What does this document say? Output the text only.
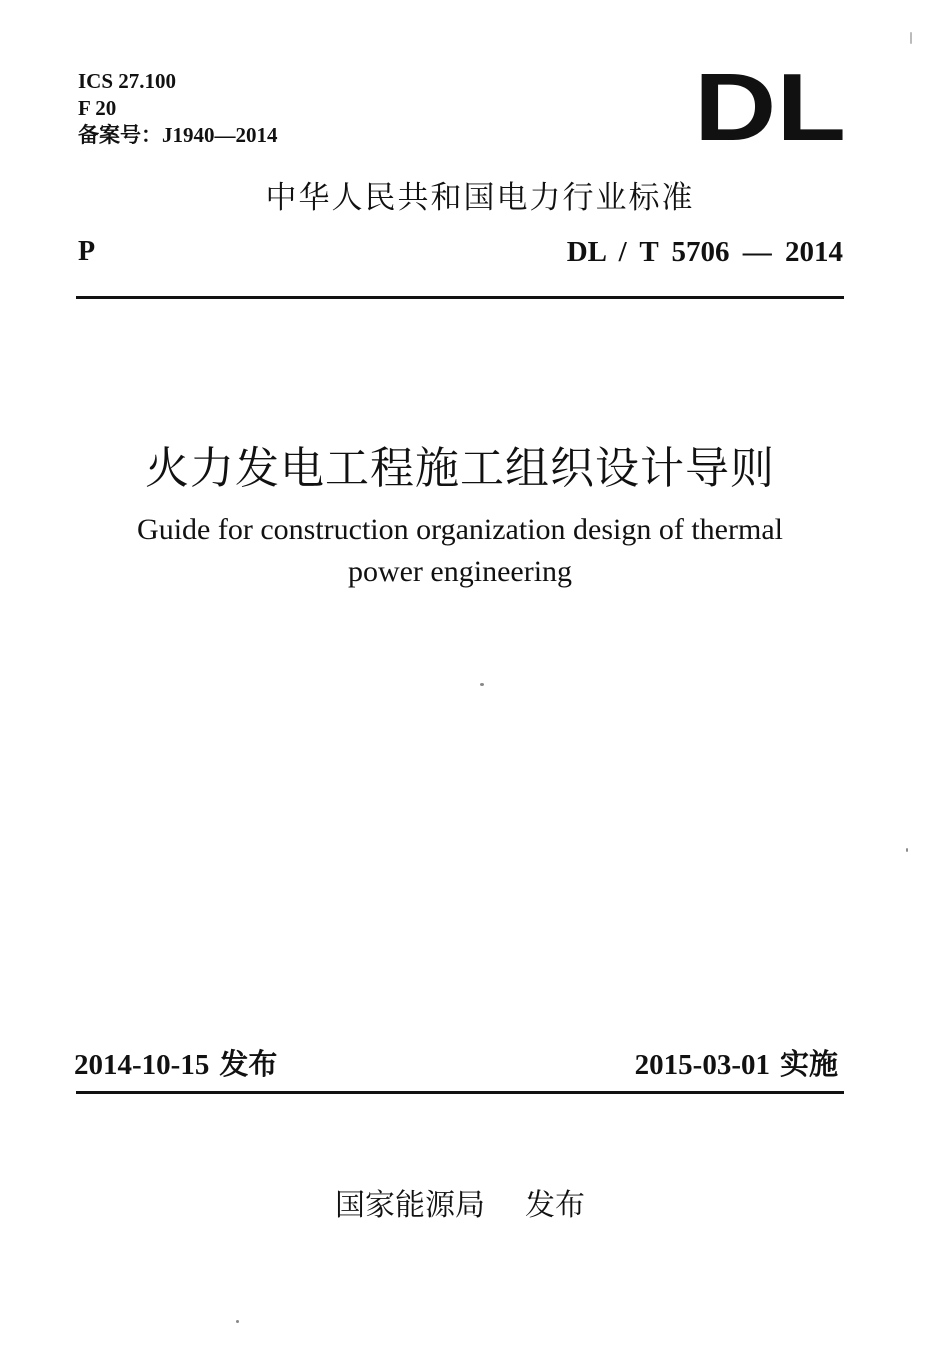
ICS 27.100
F 20
备案号：J1940—2014	DL
中华人民共和国电力行业标准
P	DL / T 5706 — 2014
火力发电工程施工组织设计导则
Guide for construction organization design of thermal
power engineering
2014-10-15 发布	2015-03-01 实施
国家能源局 发布
